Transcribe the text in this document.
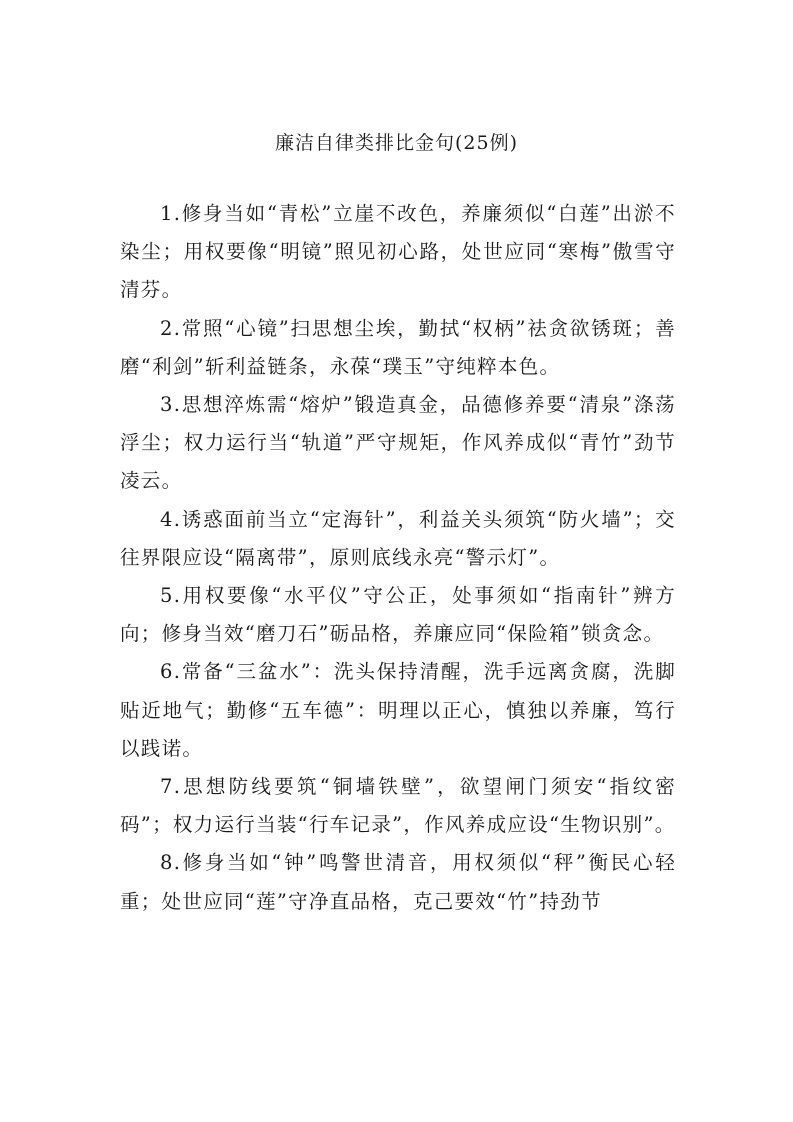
廉洁自律类排比金句(25例)

1.修身当如“青松”立崖不改色，养廉须似“白莲”出淤不染尘；用权要像“明镜”照见初心路，处世应同“寒梅”傲雪守清芬。

2.常照“心镜”扫思想尘埃，勤拭“权柄”祛贪欲锈斑；善磨“利剑”斩利益链条，永葆“璞玉”守纯粹本色。

3.思想淬炼需“熔炉”锻造真金，品德修养要“清泉”涤荡浮尘；权力运行当“轨道”严守规矩，作风养成似“青竹”劲节凌云。

4.诱惑面前当立“定海针”，利益关头须筑“防火墙”；交往界限应设“隔离带”，原则底线永亮“警示灯”。

5.用权要像“水平仪”守公正，处事须如“指南针”辨方向；修身当效“磨刀石”砺品格，养廉应同“保险箱”锁贪念。

6.常备“三盆水”：洗头保持清醒，洗手远离贪腐，洗脚贴近地气；勤修“五车德”：明理以正心，慎独以养廉，笃行以践诺。

7.思想防线要筑“铜墙铁壁”，欲望闸门须安“指纹密码”；权力运行当装“行车记录”，作风养成应设“生物识别”。

8.修身当如“钟”鸣警世清音，用权须似“秤”衡民心轻重；处世应同“莲”守净直品格，克己要效“竹”持劲节
